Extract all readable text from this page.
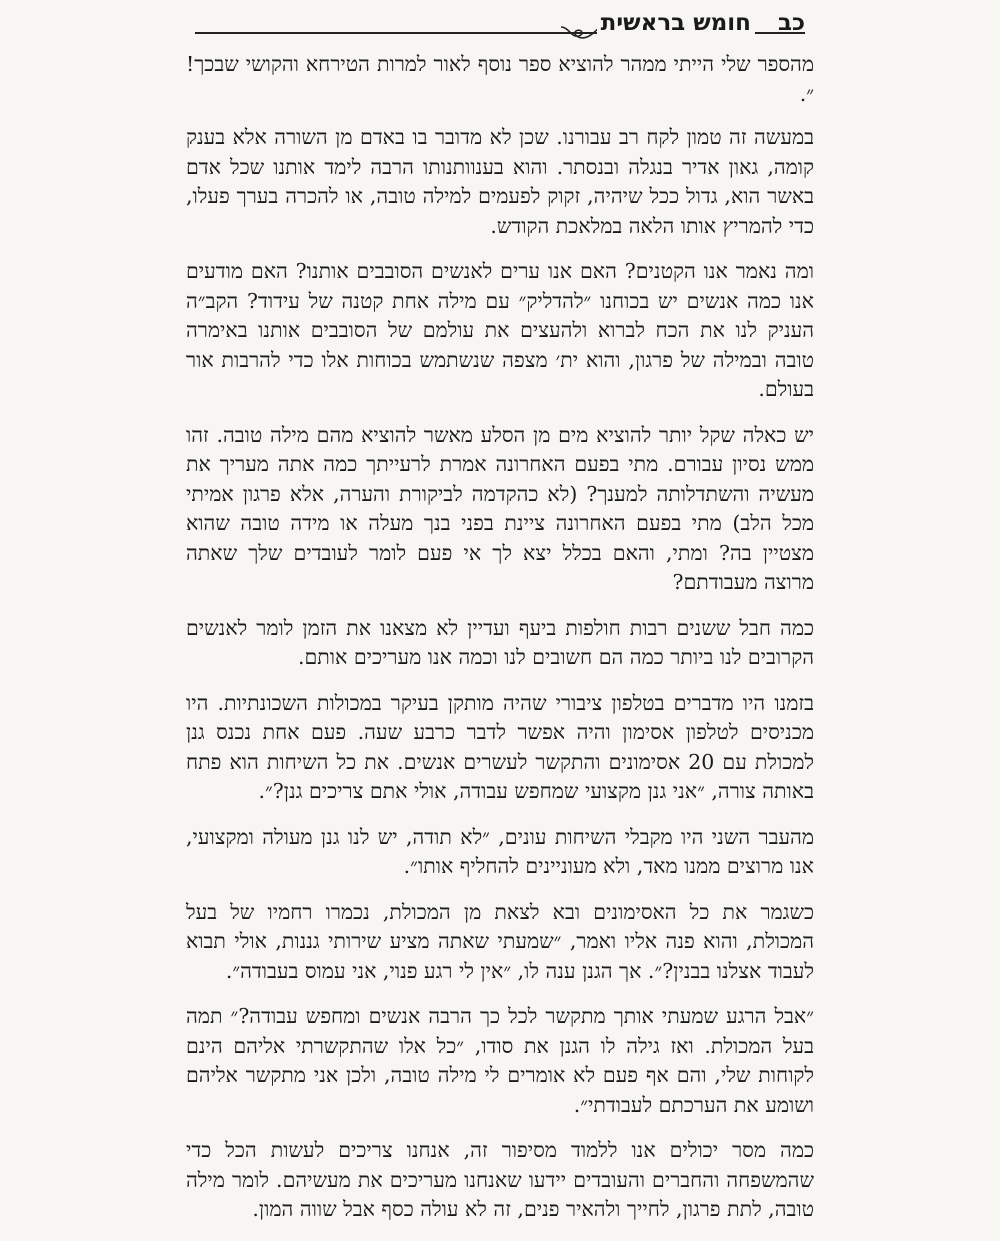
חומש בראשית כב

מהספר שלי הייתי ממהר להוציא ספר נוסף לאור למרות הטירחא והקושי שבכך!״.

במעשה זה טמון לקח רב עבורנו. שכן לא מדובר בו באדם מן השורה אלא בענק קומה, גאון אדיר בנגלה ובנסתר. והוא בענוותנותו הרבה לימד אותנו שכל אדם באשר הוא, גדול ככל שיהיה, זקוק לפעמים למילה טובה, או להכרה בערך פעלו, כדי להמריץ אותו הלאה במלאכת הקודש.

ומה נאמר אנו הקטנים? האם אנו ערים לאנשים הסובבים אותנו? האם מודעים אנו כמה אנשים יש בכוחנו ״להדליק״ עם מילה אחת קטנה של עידוד? הקב״ה העניק לנו את הכח לברוא ולהעצים את עולמם של הסובבים אותנו באימרה טובה ובמילה של פרגון, והוא ית׳ מצפה שנשתמש בכוחות אלו כדי להרבות אור בעולם.

יש כאלה שקל יותר להוציא מים מן הסלע מאשר להוציא מהם מילה טובה. זהו ממש נסיון עבורם. מתי בפעם האחרונה אמרת לרעייתך כמה אתה מעריך את מעשיה והשתדלותה למענך? (לא כהקדמה לביקורת והערה, אלא פרגון אמיתי מכל הלב) מתי בפעם האחרונה ציינת בפני בנך מעלה או מידה טובה שהוא מצטיין בה? ומתי, והאם בכלל יצא לך אי פעם לומר לעובדים שלך שאתה מרוצה מעבודתם?

כמה חבל ששנים רבות חולפות ביעף ועדיין לא מצאנו את הזמן לומר לאנשים הקרובים לנו ביותר כמה הם חשובים לנו וכמה אנו מעריכים אותם.

בזמנו היו מדברים בטלפון ציבורי שהיה מותקן בעיקר במכולות השכונתיות. היו מכניסים לטלפון אסימון והיה אפשר לדבר כרבע שעה. פעם אחת נכנס גנן למכולת עם 20 אסימונים והתקשר לעשרים אנשים. את כל השיחות הוא פתח באותה צורה, ״אני גנן מקצועי שמחפש עבודה, אולי אתם צריכים גנן?״.

מהעבר השני היו מקבלי השיחות עונים, ״לא תודה, יש לנו גנן מעולה ומקצועי, אנו מרוצים ממנו מאד, ולא מעוניינים להחליף אותו״.

כשגמר את כל האסימונים ובא לצאת מן המכולת, נכמרו רחמיו של בעל המכולת, והוא פנה אליו ואמר, ״שמעתי שאתה מציע שירותי גננות, אולי תבוא לעבוד אצלנו בבנין?״. אך הגנן ענה לו, ״אין לי רגע פנוי, אני עמוס בעבודה״.

״אבל הרגע שמעתי אותך מתקשר לכל כך הרבה אנשים ומחפש עבודה?״ תמה בעל המכולת. ואז גילה לו הגנן את סודו, ״כל אלו שהתקשרתי אליהם הינם לקוחות שלי, והם אף פעם לא אומרים לי מילה טובה, ולכן אני מתקשר אליהם ושומע את הערכתם לעבודתי״.

כמה מסר יכולים אנו ללמוד מסיפור זה, אנחנו צריכים לעשות הכל כדי שהמשפחה והחברים והעובדים יידעו שאנחנו מעריכים את מעשיהם. לומר מילה טובה, לתת פרגון, לחייך ולהאיר פנים, זה לא עולה כסף אבל שווה המון.
